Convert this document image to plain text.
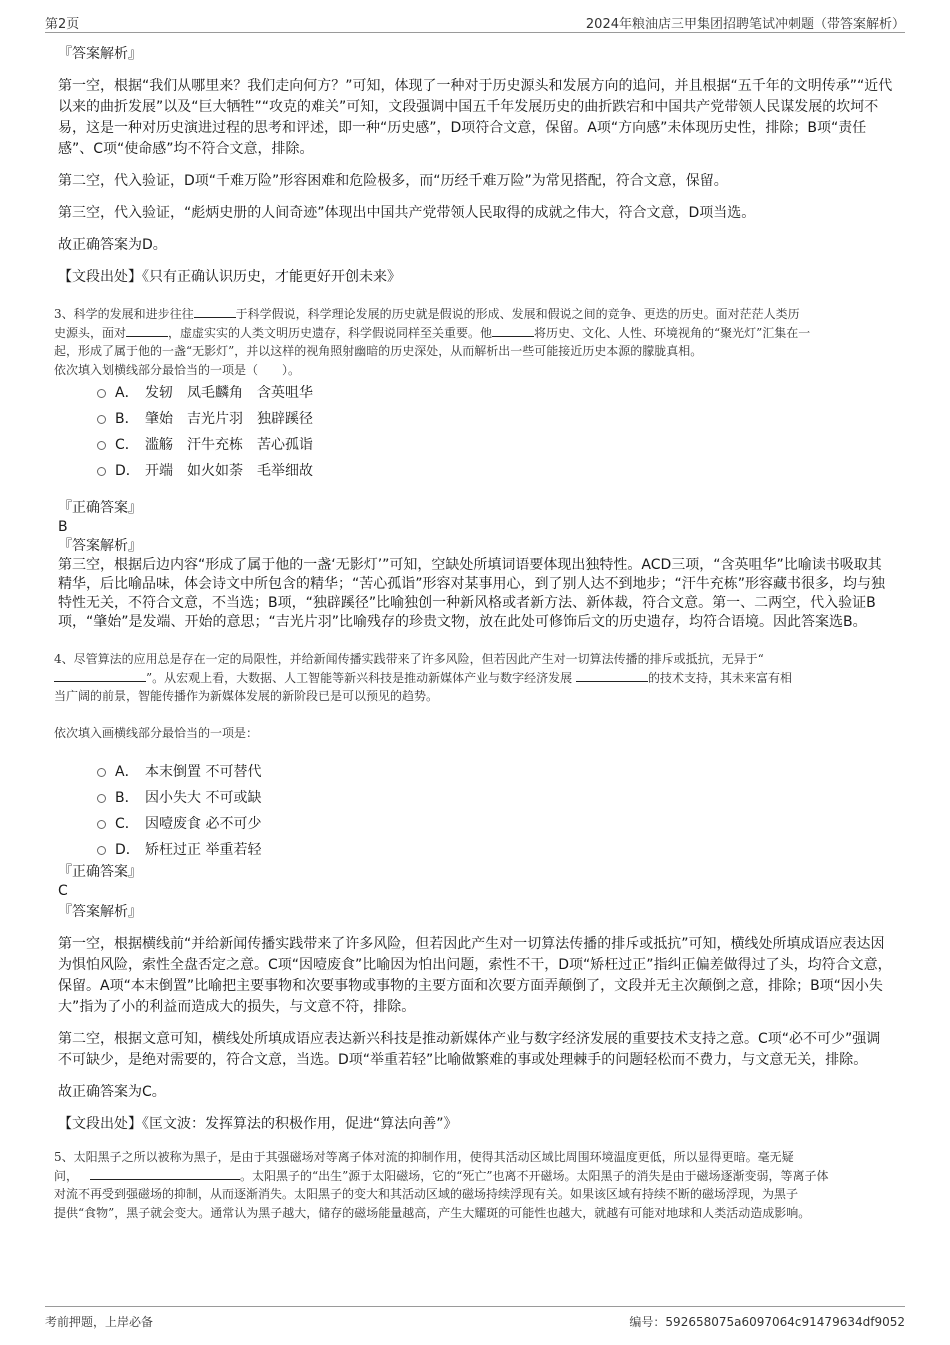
第2页	2024年粮油店三甲集团招聘笔试冲刺题（带答案解析）

『答案解析』

第一空，根据“我们从哪里来？我们走向何方？”可知，体现了一种对于历史源头和发展方向的追问，并且根据“五千年的文明传承”“近代以来的曲折发展”以及“巨大牺牲”“攻克的难关”可知，文段强调中国五千年发展历史的曲折跌宕和中国共产党带领人民谋发展的坎坷不易，这是一种对历史演进过程的思考和评述，即一种“历史感”，D项符合文意，保留。A项“方向感”未体现历史性，排除；B项“责任感”、C项“使命感”均不符合文意，排除。

第二空，代入验证，D项“千难万险”形容困难和危险极多，而“历经千难万险”为常见搭配，符合文意，保留。

第三空，代入验证，“彪炳史册的人间奇迹”体现出中国共产党带领人民取得的成就之伟大，符合文意，D项当选。

故正确答案为D。

【文段出处】《只有正确认识历史，才能更好开创未来》

3、科学的发展和进步往往	于科学假说，科学理论发展的历史就是假说的形成、发展和假说之间的竞争、更迭的历史。面对茫茫人类历
史源头，面对	，虚虚实实的人类文明历史遗存，科学假说同样至关重要。他	将历史、文化、人性、环境视角的“聚光灯”汇集在一
起，形成了属于他的一盏“无影灯”，并以这样的视角照射幽暗的历史深处，从而解析出一些可能接近历史本源的朦胧真相。
依次填入划横线部分最恰当的一项是（　　）。

A． 发轫　凤毛麟角　含英咀华
B． 肇始　吉光片羽　独辟蹊径
C． 滥觞　汗牛充栋　苦心孤诣
D． 开端　如火如荼　毛举细故

『正确答案』

B

『答案解析』

第三空，根据后边内容“形成了属于他的一盏‘无影灯’”可知，空缺处所填词语要体现出独特性。ACD三项，“含英咀华”比喻读书吸取其精华，后比喻品味，体会诗文中所包含的精华；“苦心孤诣”形容对某事用心，到了别人达不到地步；“汗牛充栋”形容藏书很多，均与独特性无关，不符合文意，不当选；B项，“独辟蹊径”比喻独创一种新风格或者新方法、新体裁，符合文意。第一、二两空，代入验证B项，“肇始”是发端、开始的意思；“吉光片羽”比喻残存的珍贵文物，放在此处可修饰后文的历史遗存，均符合语境。因此答案选B。

4、尽管算法的应用总是存在一定的局限性，并给新闻传播实践带来了许多风险，但若因此产生对一切算法传播的排斥或抵抗，无异于“
”。从宏观上看，大数据、人工智能等新兴科技是推动新媒体产业与数字经济发展	的技术支持，其未来富有相
当广阔的前景，智能传播作为新媒体发展的新阶段已是可以预见的趋势。

依次填入画横线部分最恰当的一项是：

A． 本末倒置 不可替代
B． 因小失大 不可或缺
C． 因噎废食 必不可少
D． 矫枉过正 举重若轻

『正确答案』

C

『答案解析』

第一空，根据横线前“并给新闻传播实践带来了许多风险，但若因此产生对一切算法传播的排斥或抵抗”可知，横线处所填成语应表达因为惧怕风险，索性全盘否定之意。C项“因噎废食”比喻因为怕出问题，索性不干，D项“矫枉过正”指纠正偏差做得过了头，均符合文意，保留。A项“本末倒置”比喻把主要事物和次要事物或事物的主要方面和次要方面弄颠倒了，文段并无主次颠倒之意，排除；B项“因小失大”指为了小的利益而造成大的损失，与文意不符，排除。

第二空，根据文意可知，横线处所填成语应表达新兴科技是推动新媒体产业与数字经济发展的重要技术支持之意。C项“必不可少”强调不可缺少，是绝对需要的，符合文意，当选。D项“举重若轻”比喻做繁难的事或处理棘手的问题轻松而不费力，与文意无关，排除。

故正确答案为C。

【文段出处】《匡文波：发挥算法的积极作用，促进“算法向善”》

5、太阳黑子之所以被称为黑子，是由于其强磁场对等离子体对流的抑制作用，使得其活动区域比周围环境温度更低，所以显得更暗。毫无疑
问，	。太阳黑子的“出生”源于太阳磁场，它的“死亡”也离不开磁场。太阳黑子的消失是由于磁场逐渐变弱，等离子体
对流不再受到强磁场的抑制，从而逐渐消失。太阳黑子的变大和其活动区域的磁场持续浮现有关。如果该区域有持续不断的磁场浮现，为黑子
提供“食物”，黑子就会变大。通常认为黑子越大，储存的磁场能量越高，产生大耀斑的可能性也越大，就越有可能对地球和人类活动造成影响。

考前押题，上岸必备	编号：592658075a6097064c91479634df9052
